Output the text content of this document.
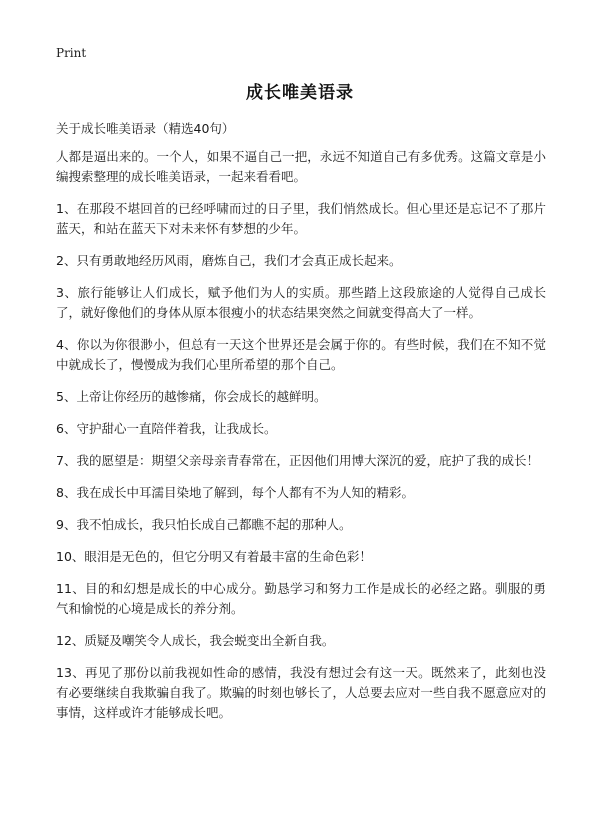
Print
成长唯美语录
关于成长唯美语录（精选40句）

人都是逼出来的。一个人，如果不逼自己一把，永远不知道自己有多优秀。这篇文章是小编搜索整理的成长唯美语录，一起来看看吧。

1、在那段不堪回首的已经呼啸而过的日子里，我们悄然成长。但心里还是忘记不了那片蓝天，和站在蓝天下对未来怀有梦想的少年。

2、只有勇敢地经历风雨，磨炼自己，我们才会真正成长起来。

3、旅行能够让人们成长，赋予他们为人的实质。那些踏上这段旅途的人觉得自己成长了，就好像他们的身体从原本很瘦小的状态结果突然之间就变得高大了一样。

4、你以为你很渺小，但总有一天这个世界还是会属于你的。有些时候，我们在不知不觉中就成长了，慢慢成为我们心里所希望的那个自己。

5、上帝让你经历的越惨痛，你会成长的越鲜明。

6、守护甜心一直陪伴着我，让我成长。

7、我的愿望是：期望父亲母亲青春常在，正因他们用博大深沉的爱，庇护了我的成长！

8、我在成长中耳濡目染地了解到，每个人都有不为人知的精彩。

9、我不怕成长，我只怕长成自己都瞧不起的那种人。

10、眼泪是无色的，但它分明又有着最丰富的生命色彩！

11、目的和幻想是成长的中心成分。勤恳学习和努力工作是成长的必经之路。驯服的勇气和愉悦的心境是成长的养分剂。

12、质疑及嘲笑令人成长，我会蜕变出全新自我。

13、再见了那份以前我视如性命的感情，我没有想过会有这一天。既然来了，此刻也没有必要继续自我欺骗自我了。欺骗的时刻也够长了，人总要去应对一些自我不愿意应对的事情，这样或许才能够成长吧。
